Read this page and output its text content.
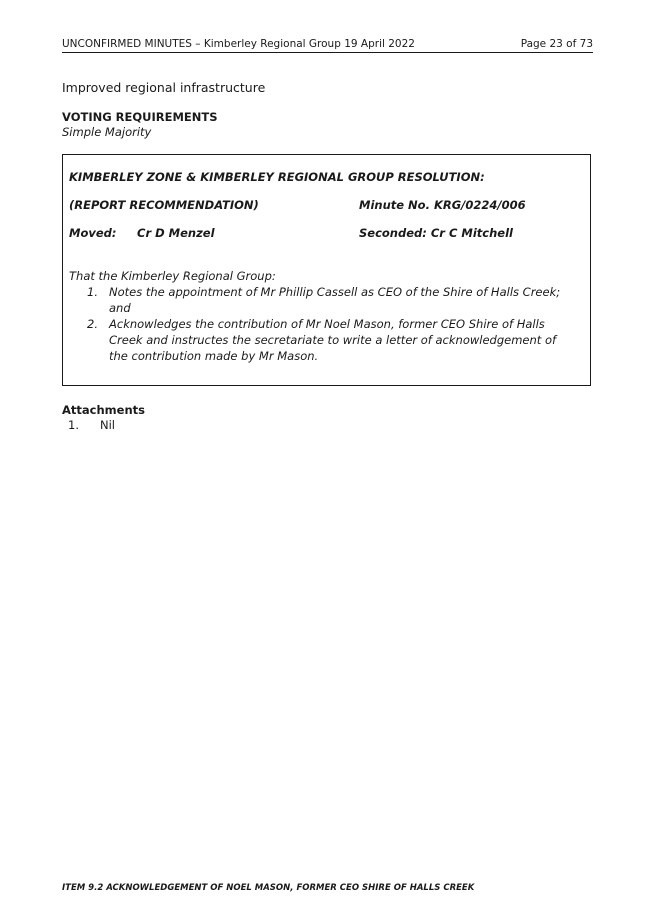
UNCONFIRMED MINUTES – Kimberley Regional Group 19 April 2022	Page 23 of 73
Improved regional infrastructure
VOTING REQUIREMENTS
Simple Majority
KIMBERLEY ZONE & KIMBERLEY REGIONAL GROUP RESOLUTION:
(REPORT RECOMMENDATION)	Minute No. KRG/0224/006
Moved: Cr D Menzel	Seconded: Cr C Mitchell
That the Kimberley Regional Group:
1. Notes the appointment of Mr Phillip Cassell as CEO of the Shire of Halls Creek; and
2. Acknowledges the contribution of Mr Noel Mason, former CEO Shire of Halls Creek and instructes the secretariate to write a letter of acknowledgement of the contribution made by Mr Mason.
Attachments
1. Nil
ITEM 9.2 ACKNOWLEDGEMENT OF NOEL MASON, FORMER CEO SHIRE OF HALLS CREEK
